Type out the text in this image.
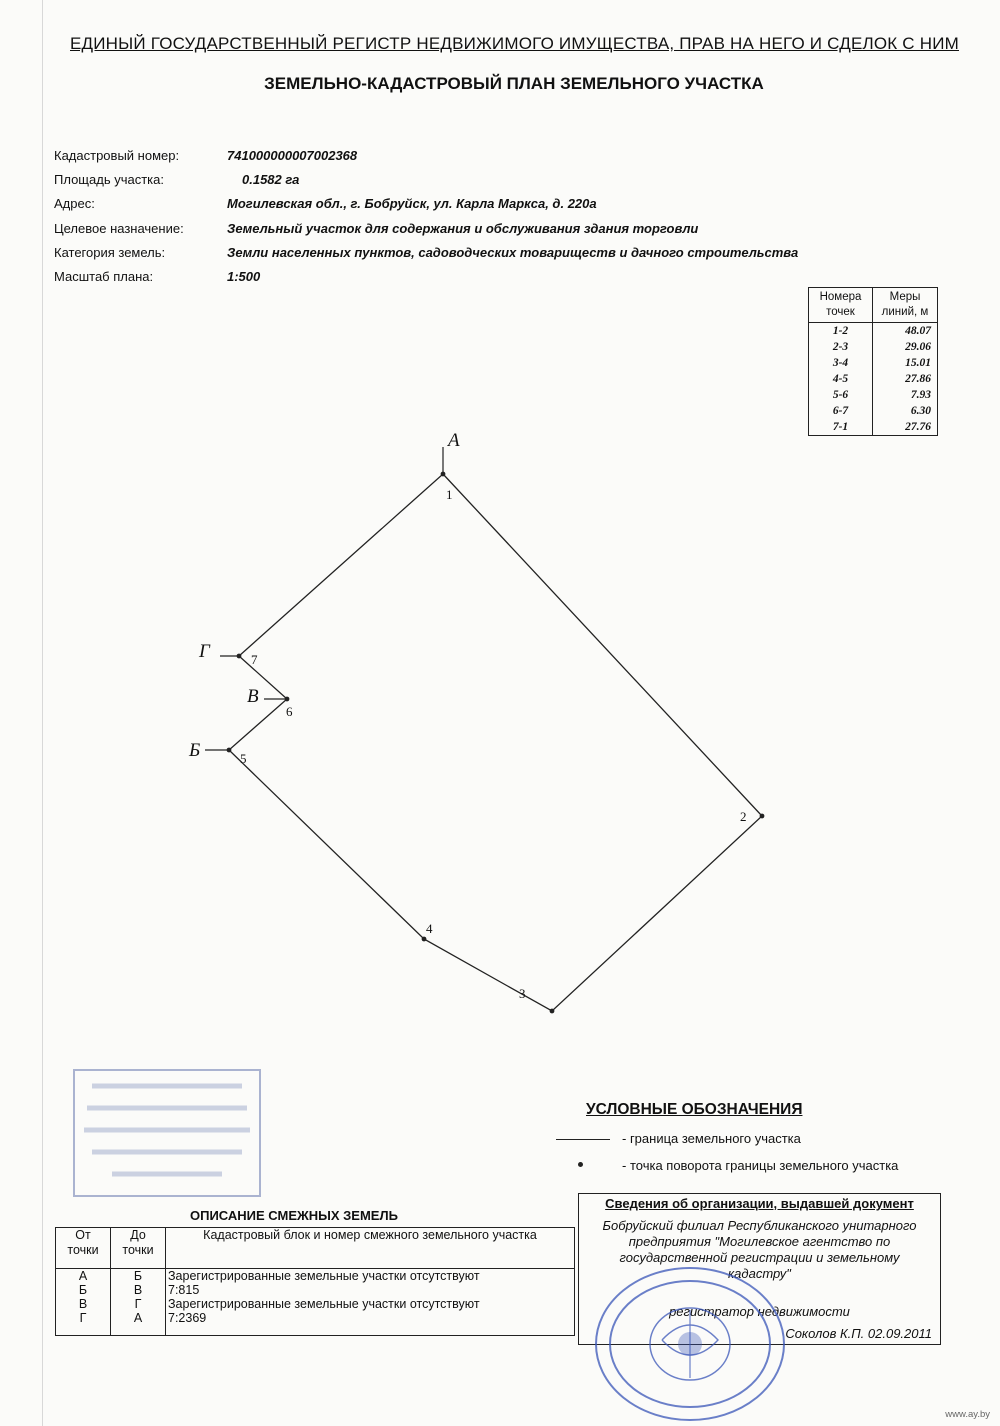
ЕДИНЫЙ ГОСУДАРСТВЕННЫЙ РЕГИСТР НЕДВИЖИМОГО ИМУЩЕСТВА, ПРАВ НА НЕГО И СДЕЛОК С НИМ
ЗЕМЕЛЬНО-КАДАСТРОВЫЙ ПЛАН ЗЕМЕЛЬНОГО УЧАСТКА
Кадастровый номер:	741000000007002368
Площадь участка:	0.1582 га
Адрес:	Могилевская обл., г. Бобруйск, ул. Карла Маркса, д. 220а
Целевое назначение:	Земельный участок для содержания и обслуживания здания торговли
Категория земель:	Земли населенных пунктов, садоводческих товариществ и дачного строительства
Масштаб плана:	1:500
Номера точек	Меры линий, м
1-2	48.07
2-3	29.06
3-4	15.01
4-5	27.86
5-6	7.93
6-7	6.30
7-1	27.76
1
2
3
4
5
6
7
А
Б
В
Г
УСЛОВНЫЕ ОБОЗНАЧЕНИЯ
- граница земельного участка
- точка поворота границы земельного участка
ОПИСАНИЕ СМЕЖНЫХ ЗЕМЕЛЬ
От точки	До точки	Кадастровый блок и номер смежного земельного участка
А	Б	Зарегистрированные земельные участки отсутствуют
Б	В	7:815
В	Г	Зарегистрированные земельные участки отсутствуют
Г	А	7:2369
Сведения об организации, выдавшей документ
Бобруйский филиал Республиканского унитарного предприятия "Могилевское агентство по государственной регистрации и земельному кадастру"
регистратор недвижимости
Соколов К.П. 02.09.2011
www.ay.by
